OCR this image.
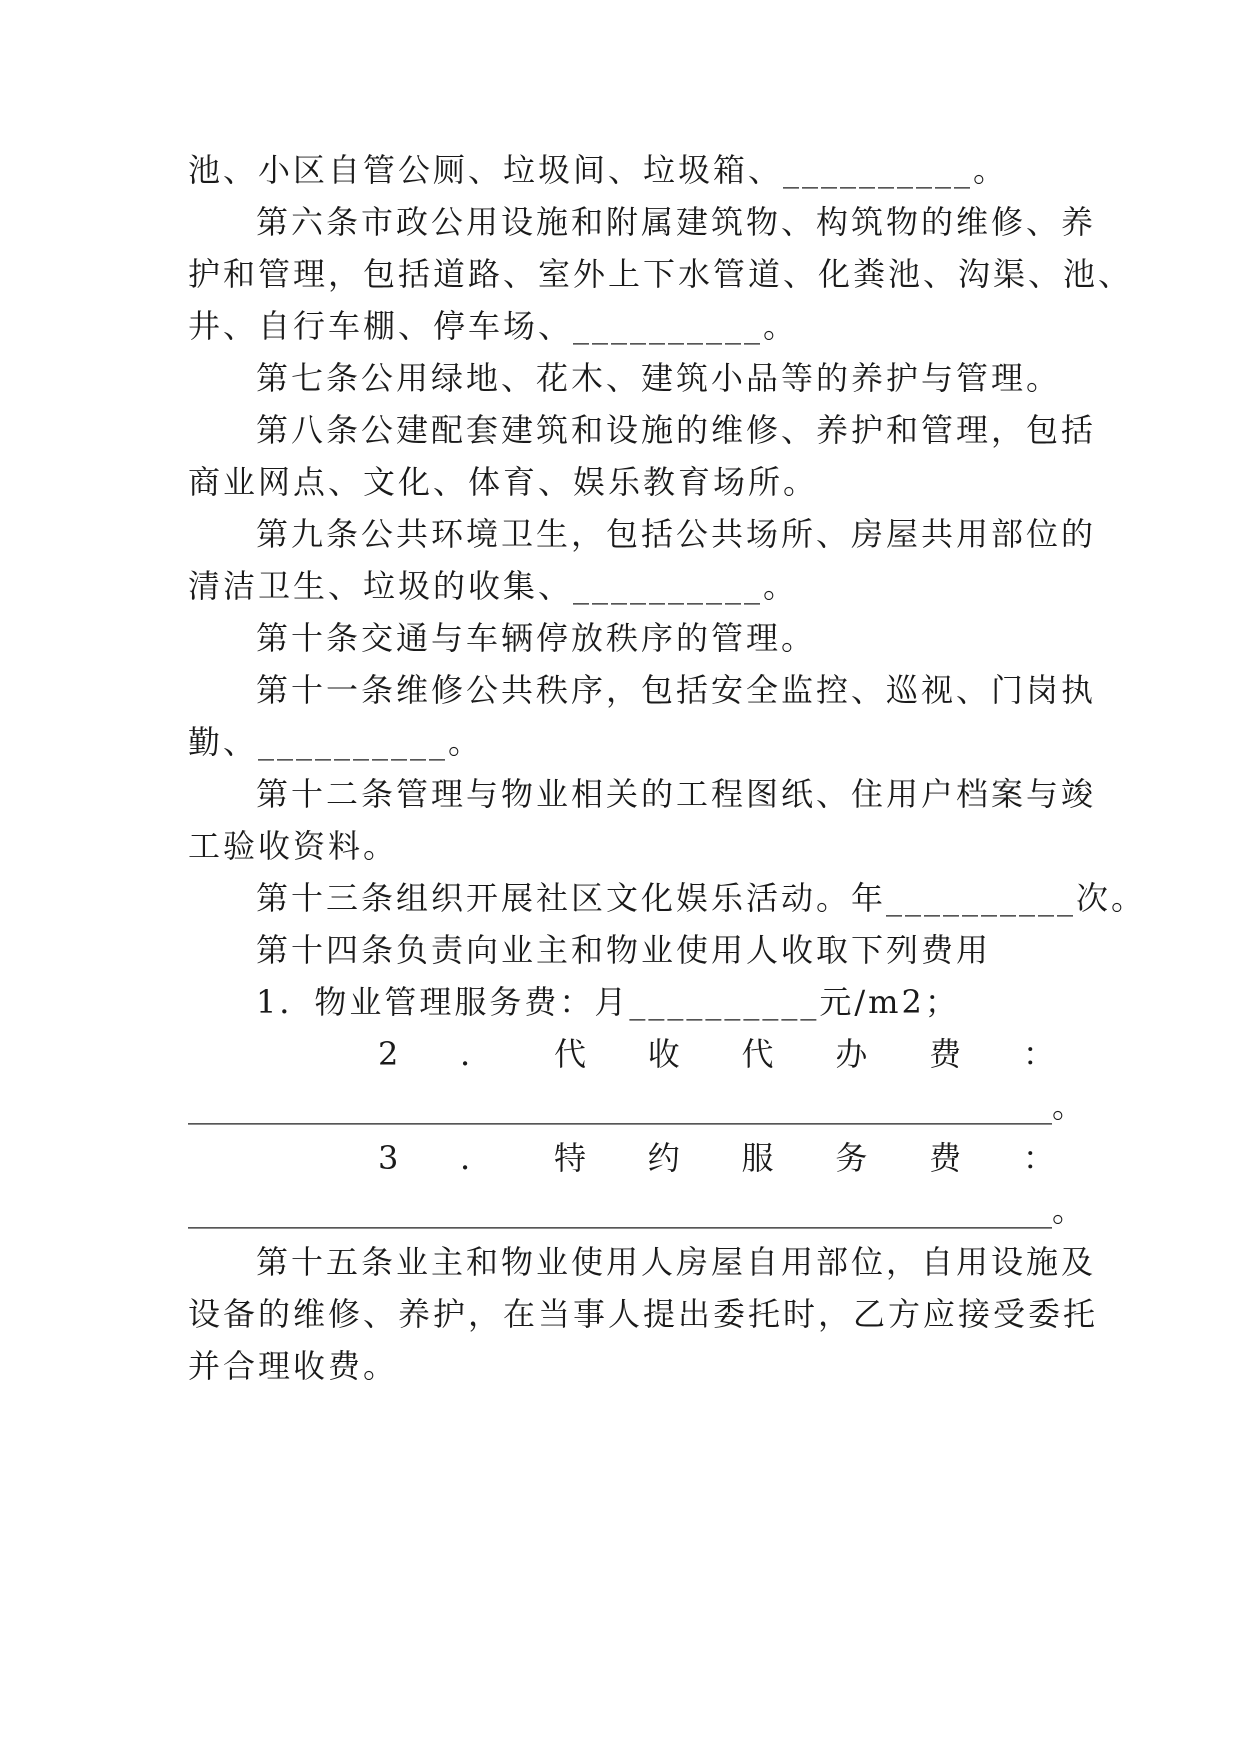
池、小区自管公厕、垃圾间、垃圾箱、__________。
第六条市政公用设施和附属建筑物、构筑物的维修、养
护和管理，包括道路、室外上下水管道、化粪池、沟渠、池、
井、自行车棚、停车场、__________。
第七条公用绿地、花木、建筑小品等的养护与管理。
第八条公建配套建筑和设施的维修、养护和管理，包括
商业网点、文化、体育、娱乐教育场所。
第九条公共环境卫生，包括公共场所、房屋共用部位的
清洁卫生、垃圾的收集、__________。
第十条交通与车辆停放秩序的管理。
第十一条维修公共秩序，包括安全监控、巡视、门岗执
勤、__________。
第十二条管理与物业相关的工程图纸、住用户档案与竣
工验收资料。
第十三条组织开展社区文化娱乐活动。年__________次。
第十四条负责向业主和物业使用人收取下列费用
1．物业管理服务费：月__________元/m2；
2 ． 代 收 代 办 费 ：
______________________________________________________。
3 ． 特 约 服 务 费 ：
______________________________________________________。
第十五条业主和物业使用人房屋自用部位，自用设施及
设备的维修、养护，在当事人提出委托时，乙方应接受委托
并合理收费。
